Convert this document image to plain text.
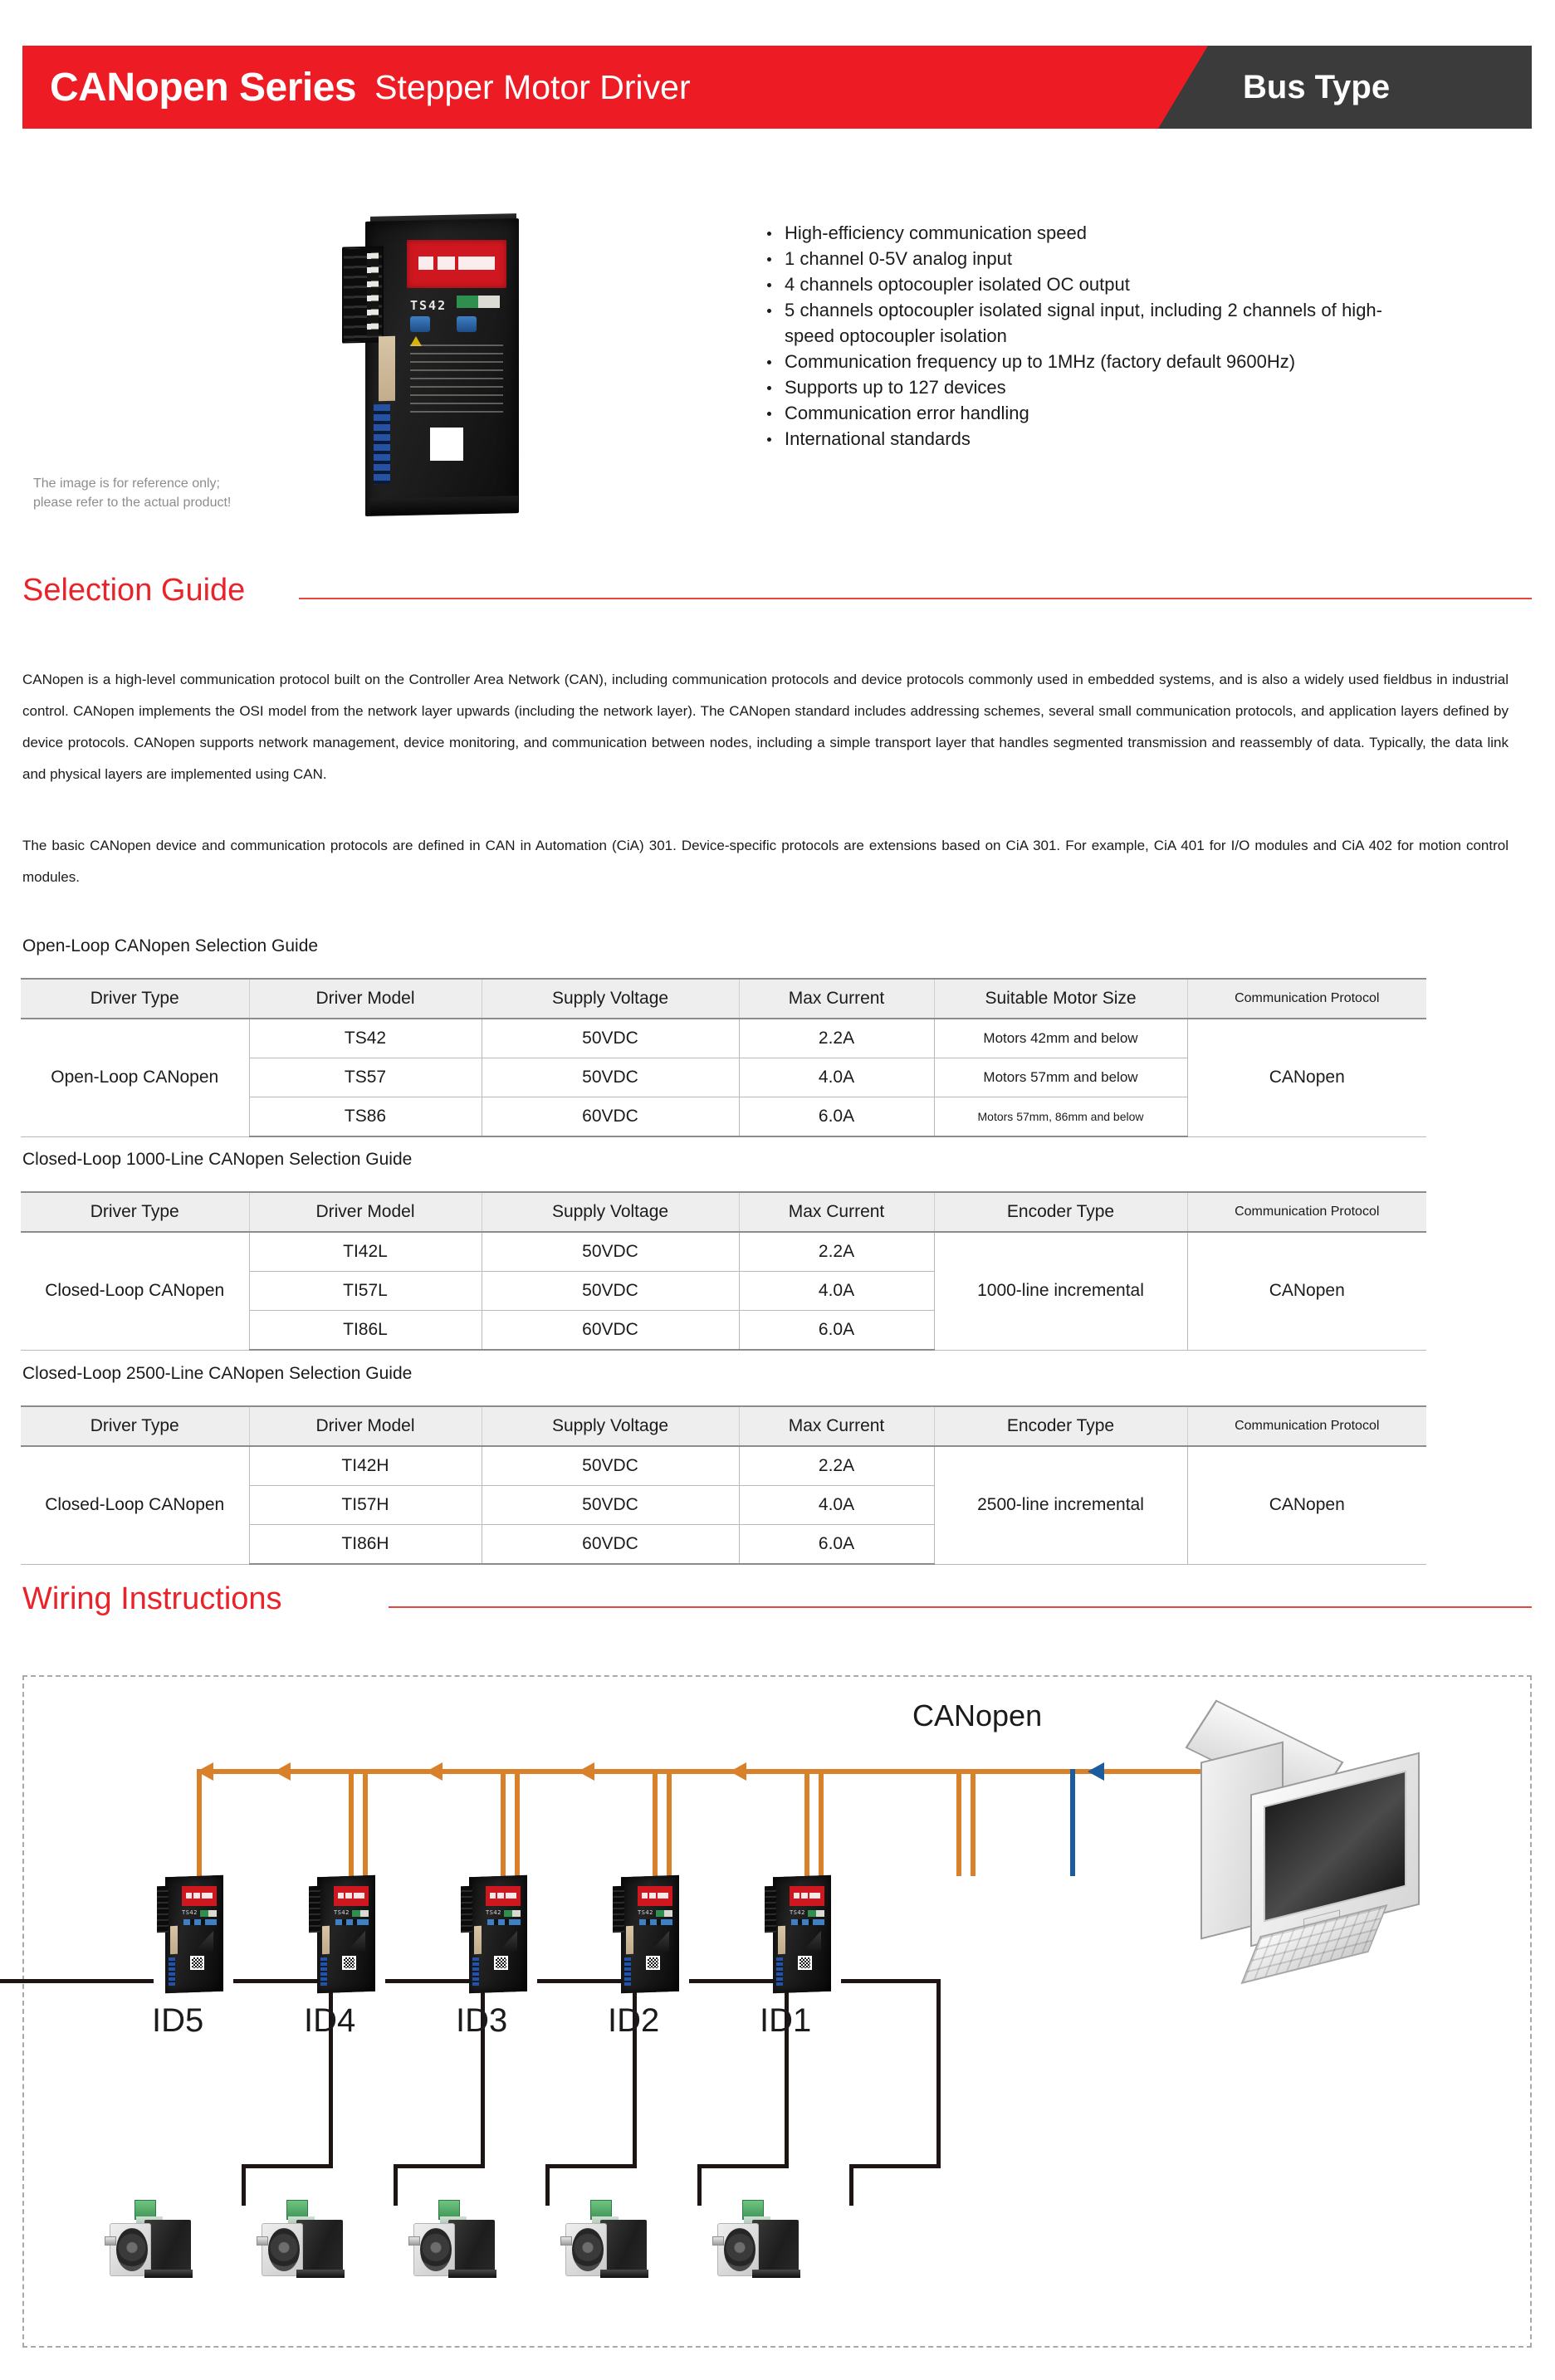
CANopen Series Stepper Motor Driver	Bus Type
TS42
The image is for reference only;
please refer to the actual product!
High-efficiency communication speed
1 channel 0-5V analog input
4 channels optocoupler isolated OC output
5 channels optocoupler isolated signal input, including 2 channels of high-speed optocoupler isolation
Communication frequency up to 1MHz (factory default 9600Hz)
Supports up to 127 devices
Communication error handling
International standards
Selection Guide
CANopen is a high-level communication protocol built on the Controller Area Network (CAN), including communication protocols and device protocols commonly used in embedded systems, and is also a widely used fieldbus in industrial control. CANopen implements the OSI model from the network layer upwards (including the network layer). The CANopen standard includes addressing schemes, several small communication protocols, and application layers defined by device protocols. CANopen supports network management, device monitoring, and communication between nodes, including a simple transport layer that handles segmented transmission and reassembly of data. Typically, the data link and physical layers are implemented using CAN.
The basic CANopen device and communication protocols are defined in CAN in Automation (CiA) 301. Device-specific protocols are extensions based on CiA 301. For example, CiA 401 for I/O modules and CiA 402 for motion control modules.
Open-Loop CANopen Selection Guide
Driver Type	Driver Model	Supply Voltage	Max Current	Suitable Motor Size	Communication Protocol
Open-Loop CANopen	TS42	50VDC	2.2A	Motors 42mm and below	CANopen
	TS57	50VDC	4.0A	Motors 57mm and below	
	TS86	60VDC	6.0A	Motors 57mm, 86mm and below	
Closed-Loop 1000-Line CANopen Selection Guide
Driver Type	Driver Model	Supply Voltage	Max Current	Encoder Type	Communication Protocol
Closed-Loop CANopen	TI42L	50VDC	2.2A	1000-line incremental	CANopen
	TI57L	50VDC	4.0A		
	TI86L	60VDC	6.0A		
Closed-Loop 2500-Line CANopen Selection Guide
Driver Type	Driver Model	Supply Voltage	Max Current	Encoder Type	Communication Protocol
Closed-Loop CANopen	TI42H	50VDC	2.2A	2500-line incremental	CANopen
	TI57H	50VDC	4.0A		
	TI86H	60VDC	6.0A		
Wiring Instructions
CANopen
TS42
ID5
TS42
ID4
TS42
ID3
TS42
ID2
TS42
ID1
